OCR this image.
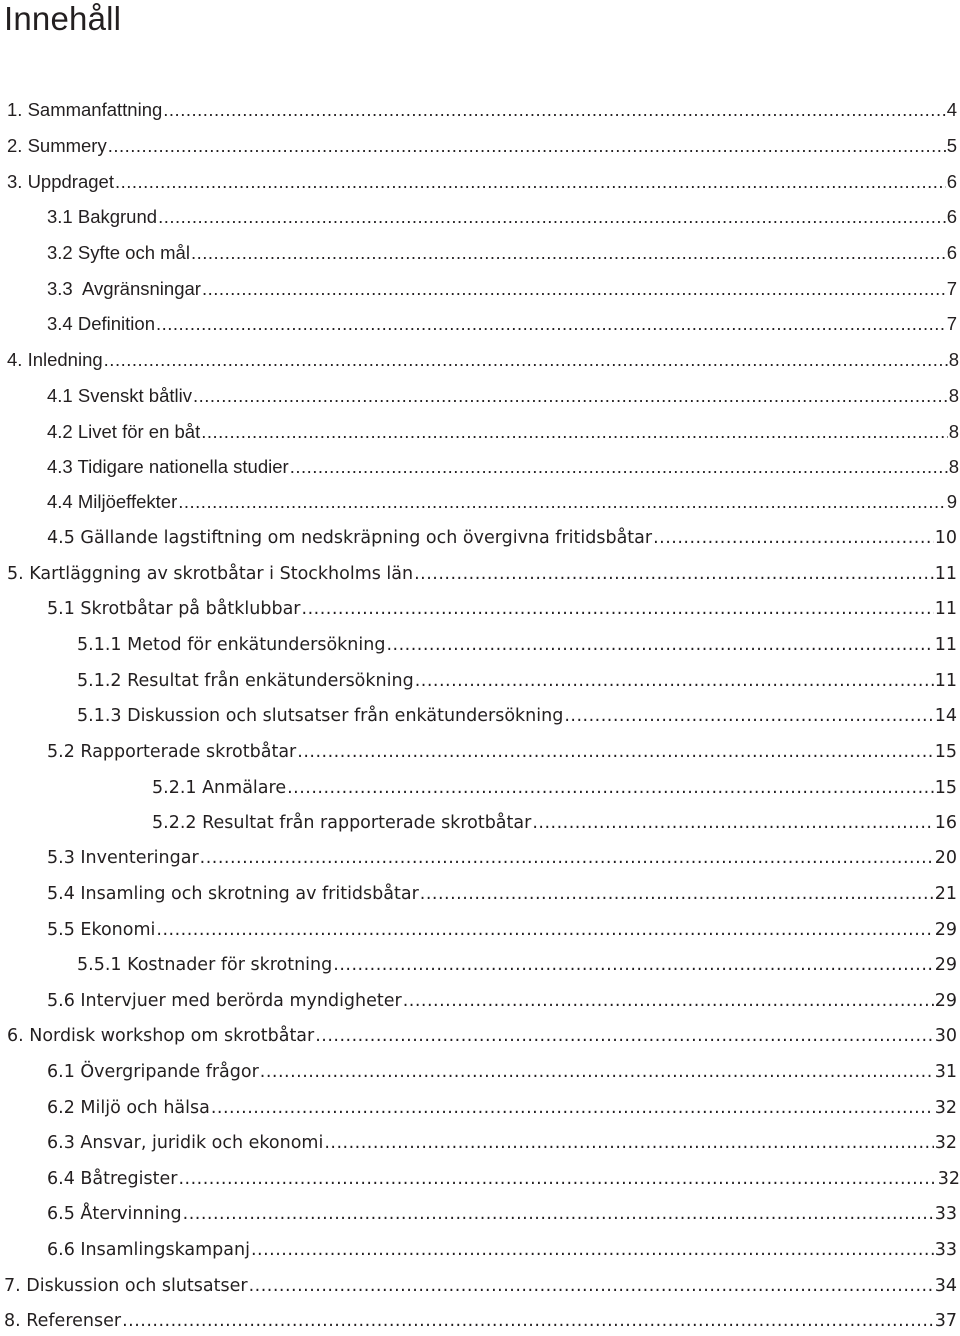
Innehåll
1. Sammanfattning .....	4
2. Summery .....	5
3. Uppdraget .....	6
3.1 Bakgrund .....	6
3.2 Syfte och mål .....	6
3.3  Avgränsningar .....	7
3.4 Definition .....	7
4. Inledning .....	8
4.1 Svenskt båtliv .....	8
4.2 Livet för en båt .....	8
4.3 Tidigare nationella studier .....	8
4.4 Miljöeffekter .....	9
4.5 Gällande lagstiftning om nedskräpning och övergivna fritidsbåtar .....	10
5. Kartläggning av skrotbåtar i Stockholms län .....	11
5.1 Skrotbåtar på båtklubbar .....	11
5.1.1 Metod för enkätundersökning .....	11
5.1.2 Resultat från enkätundersökning .....	11
5.1.3 Diskussion och slutsatser från enkätundersökning .....	14
5.2 Rapporterade skrotbåtar .....	15
5.2.1 Anmälare .....	15
5.2.2 Resultat från rapporterade skrotbåtar .....	16
5.3 Inventeringar .....	20
5.4 Insamling och skrotning av fritidsbåtar .....	21
5.5 Ekonomi .....	29
5.5.1 Kostnader för skrotning .....	29
5.6 Intervjuer med berörda myndigheter .....	29
6. Nordisk workshop om skrotbåtar .....	30
6.1 Övergripande frågor .....	31
6.2 Miljö och hälsa .....	32
6.3 Ansvar, juridik och ekonomi .....	32
6.4 Båtregister .....	32
6.5 Återvinning .....	33
6.6 Insamlingskampanj .....	33
7. Diskussion och slutsatser .....	34
8. Referenser .....	37
